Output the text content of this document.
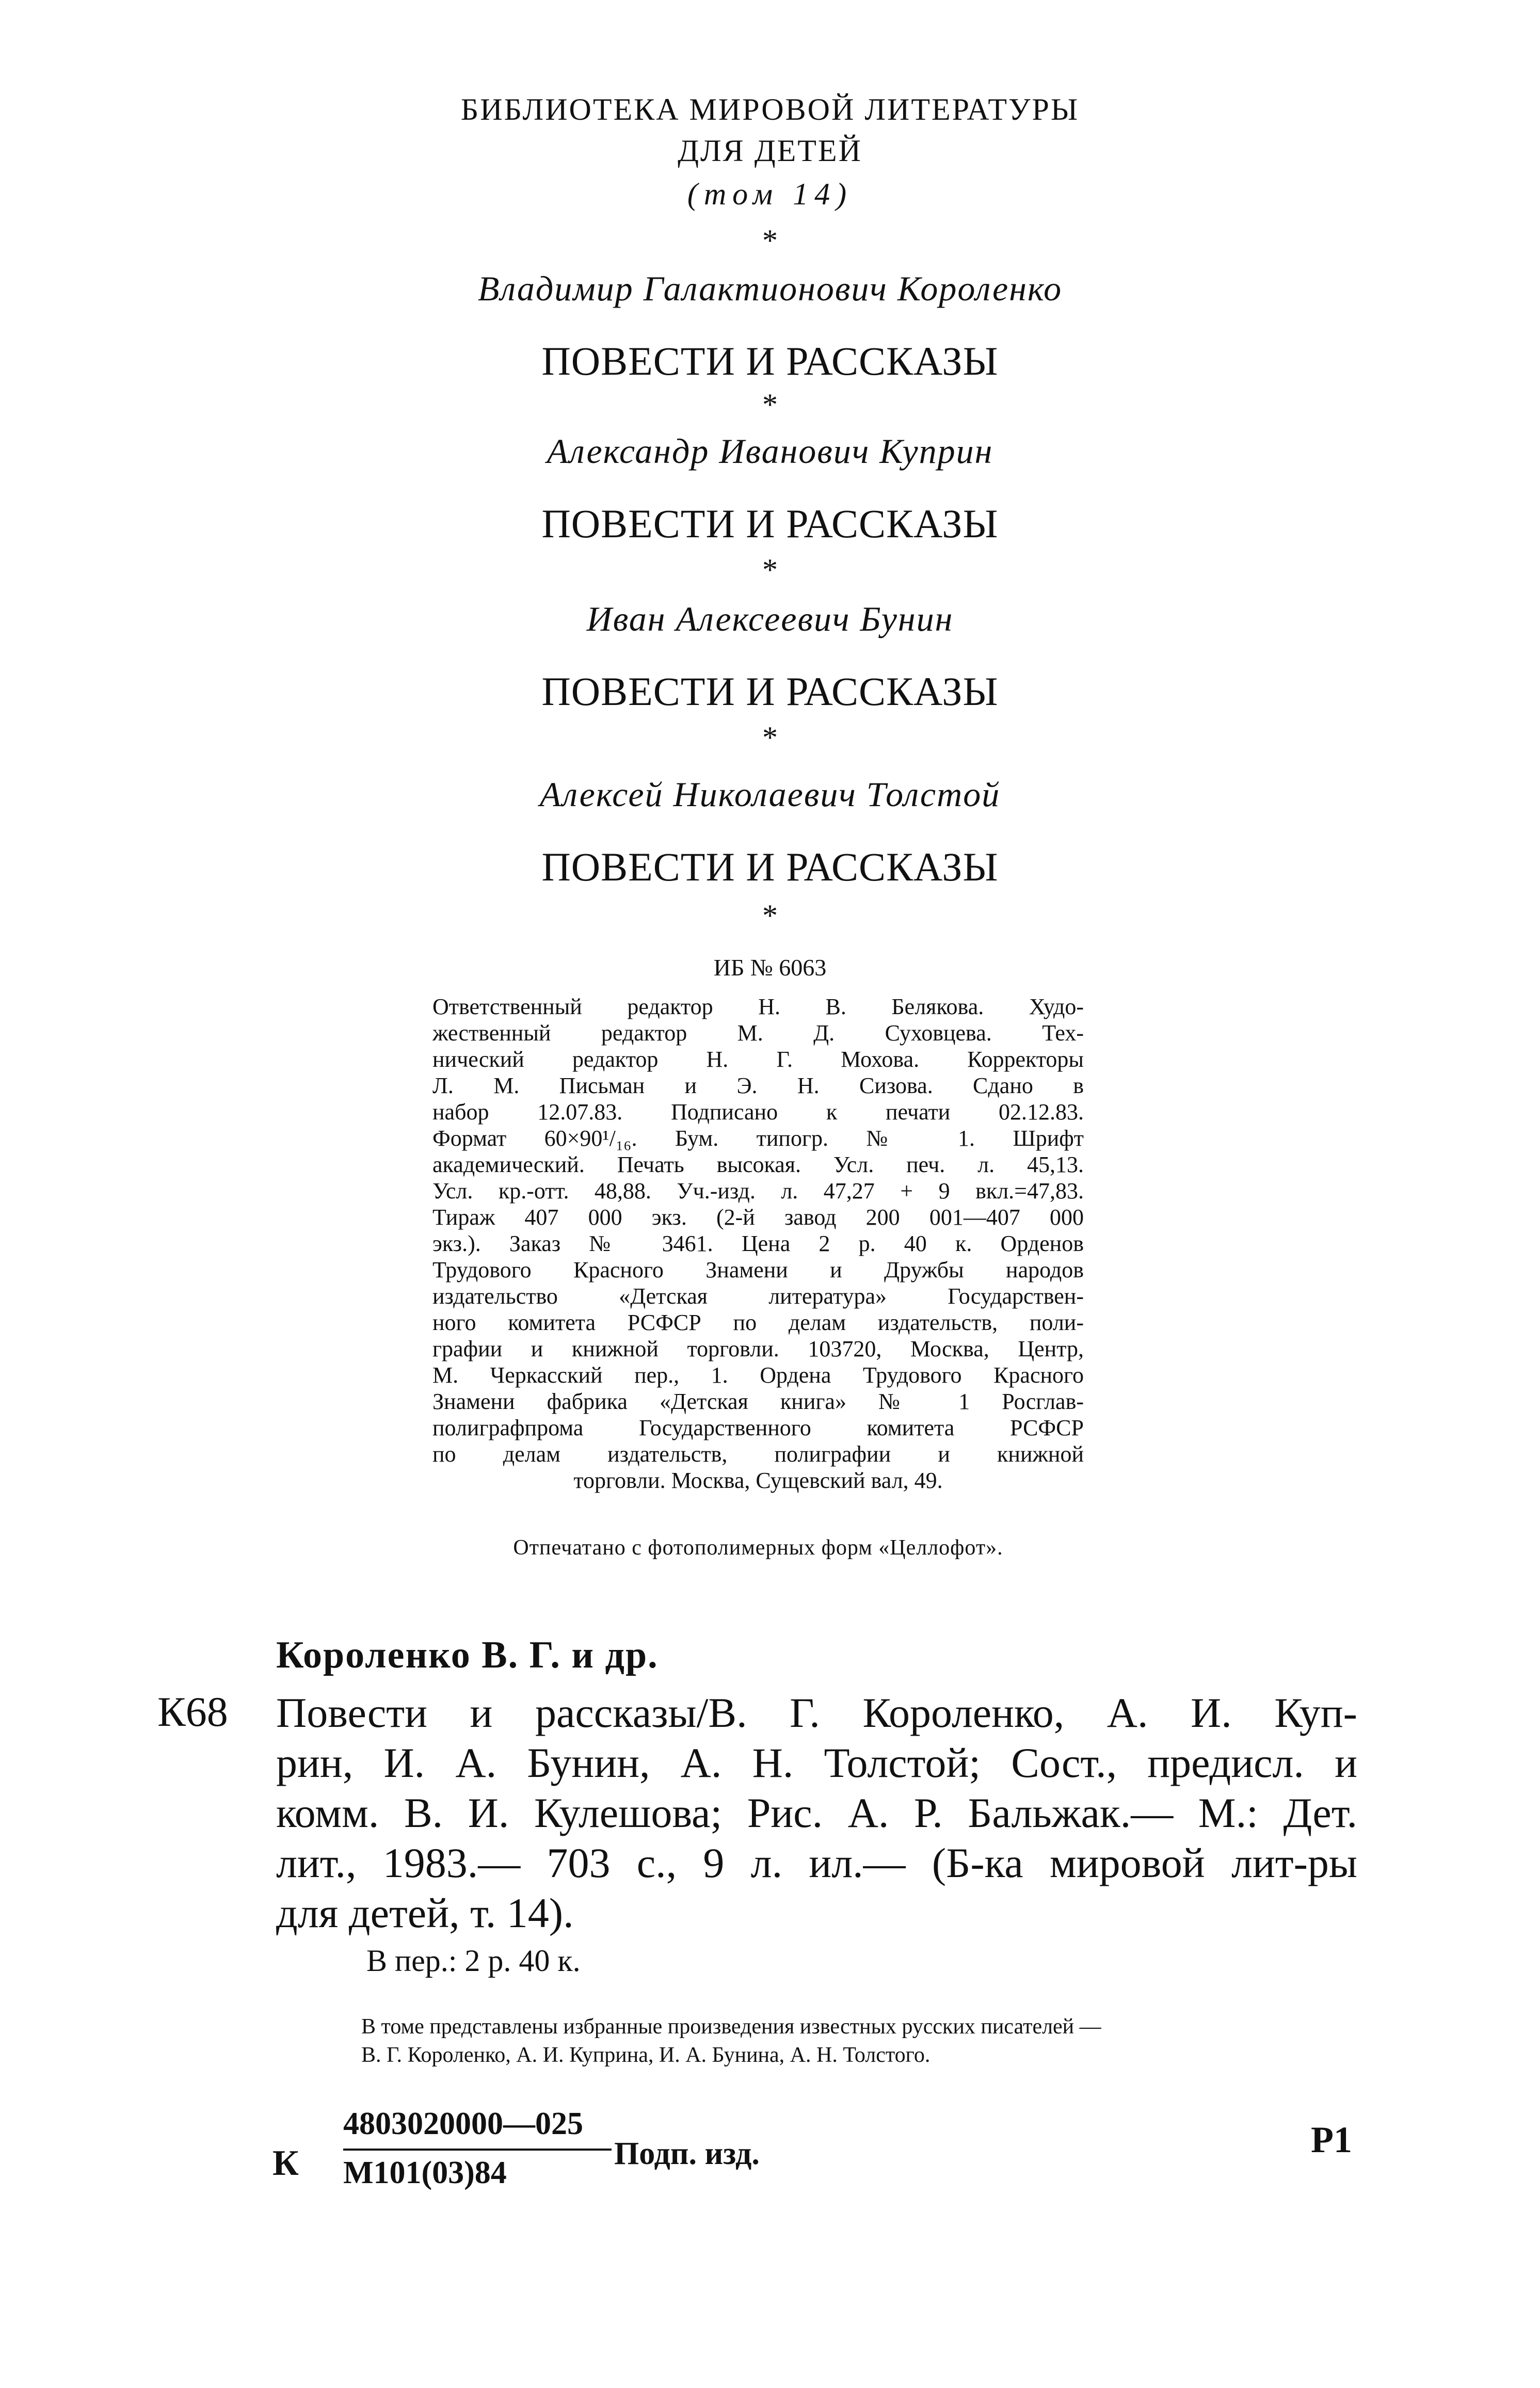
БИБЛИОТЕКА МИРОВОЙ ЛИТЕРАТУРЫ
ДЛЯ ДЕТЕЙ
(том 14)
*
Владимир Галактионович Короленко
ПОВЕСТИ И РАССКАЗЫ
*
Александр Иванович Куприн
ПОВЕСТИ И РАССКАЗЫ
*
Иван Алексеевич Бунин
ПОВЕСТИ И РАССКАЗЫ
*
Алексей Николаевич Толстой
ПОВЕСТИ И РАССКАЗЫ
*
ИБ № 6063
Ответственный редактор Н. В. Белякова. Худо-
жественный редактор М. Д. Суховцева. Тех-
нический редактор Н. Г. Мохова. Корректоры
Л. М. Письман и Э. Н. Сизова. Сдано в
набор 12.07.83. Подписано к печати 02.12.83.
Формат 60×90¹/₁₆. Бум. типогр. № 1. Шрифт
академический. Печать высокая. Усл. печ. л. 45,13.
Усл. кр.-отт. 48,88. Уч.-изд. л. 47,27 + 9 вкл.=47,83.
Тираж 407 000 экз. (2-й завод 200 001—407 000
экз.). Заказ № 3461. Цена 2 р. 40 к. Орденов
Трудового Красного Знамени и Дружбы народов
издательство «Детская литература» Государствен-
ного комитета РСФСР по делам издательств, поли-
графии и книжной торговли. 103720, Москва, Центр,
М. Черкасский пер., 1. Ордена Трудового Красного
Знамени фабрика «Детская книга» № 1 Росглав-
полиграфпрома Государственного комитета РСФСР
по делам издательств, полиграфии и книжной
торговли. Москва, Сущевский вал, 49.
Отпечатано с фотополимерных форм «Целлофот».
Короленко В. Г. и др.
К68 Повести и рассказы/В. Г. Короленко, А. И. Куп-
рин, И. А. Бунин, А. Н. Толстой; Сост., предисл. и
комм. В. И. Кулешова; Рис. А. Р. Бальжак.— М.: Дет.
лит., 1983.— 703 с., 9 л. ил.— (Б-ка мировой лит-ры
для детей, т. 14).
В пер.: 2 р. 40 к.
В томе представлены избранные произведения известных русских писателей —
В. Г. Короленко, А. И. Куприна, И. А. Бунина, А. Н. Толстого.
К
4803020000—025
М101(03)84
Подп. изд.	Р1
